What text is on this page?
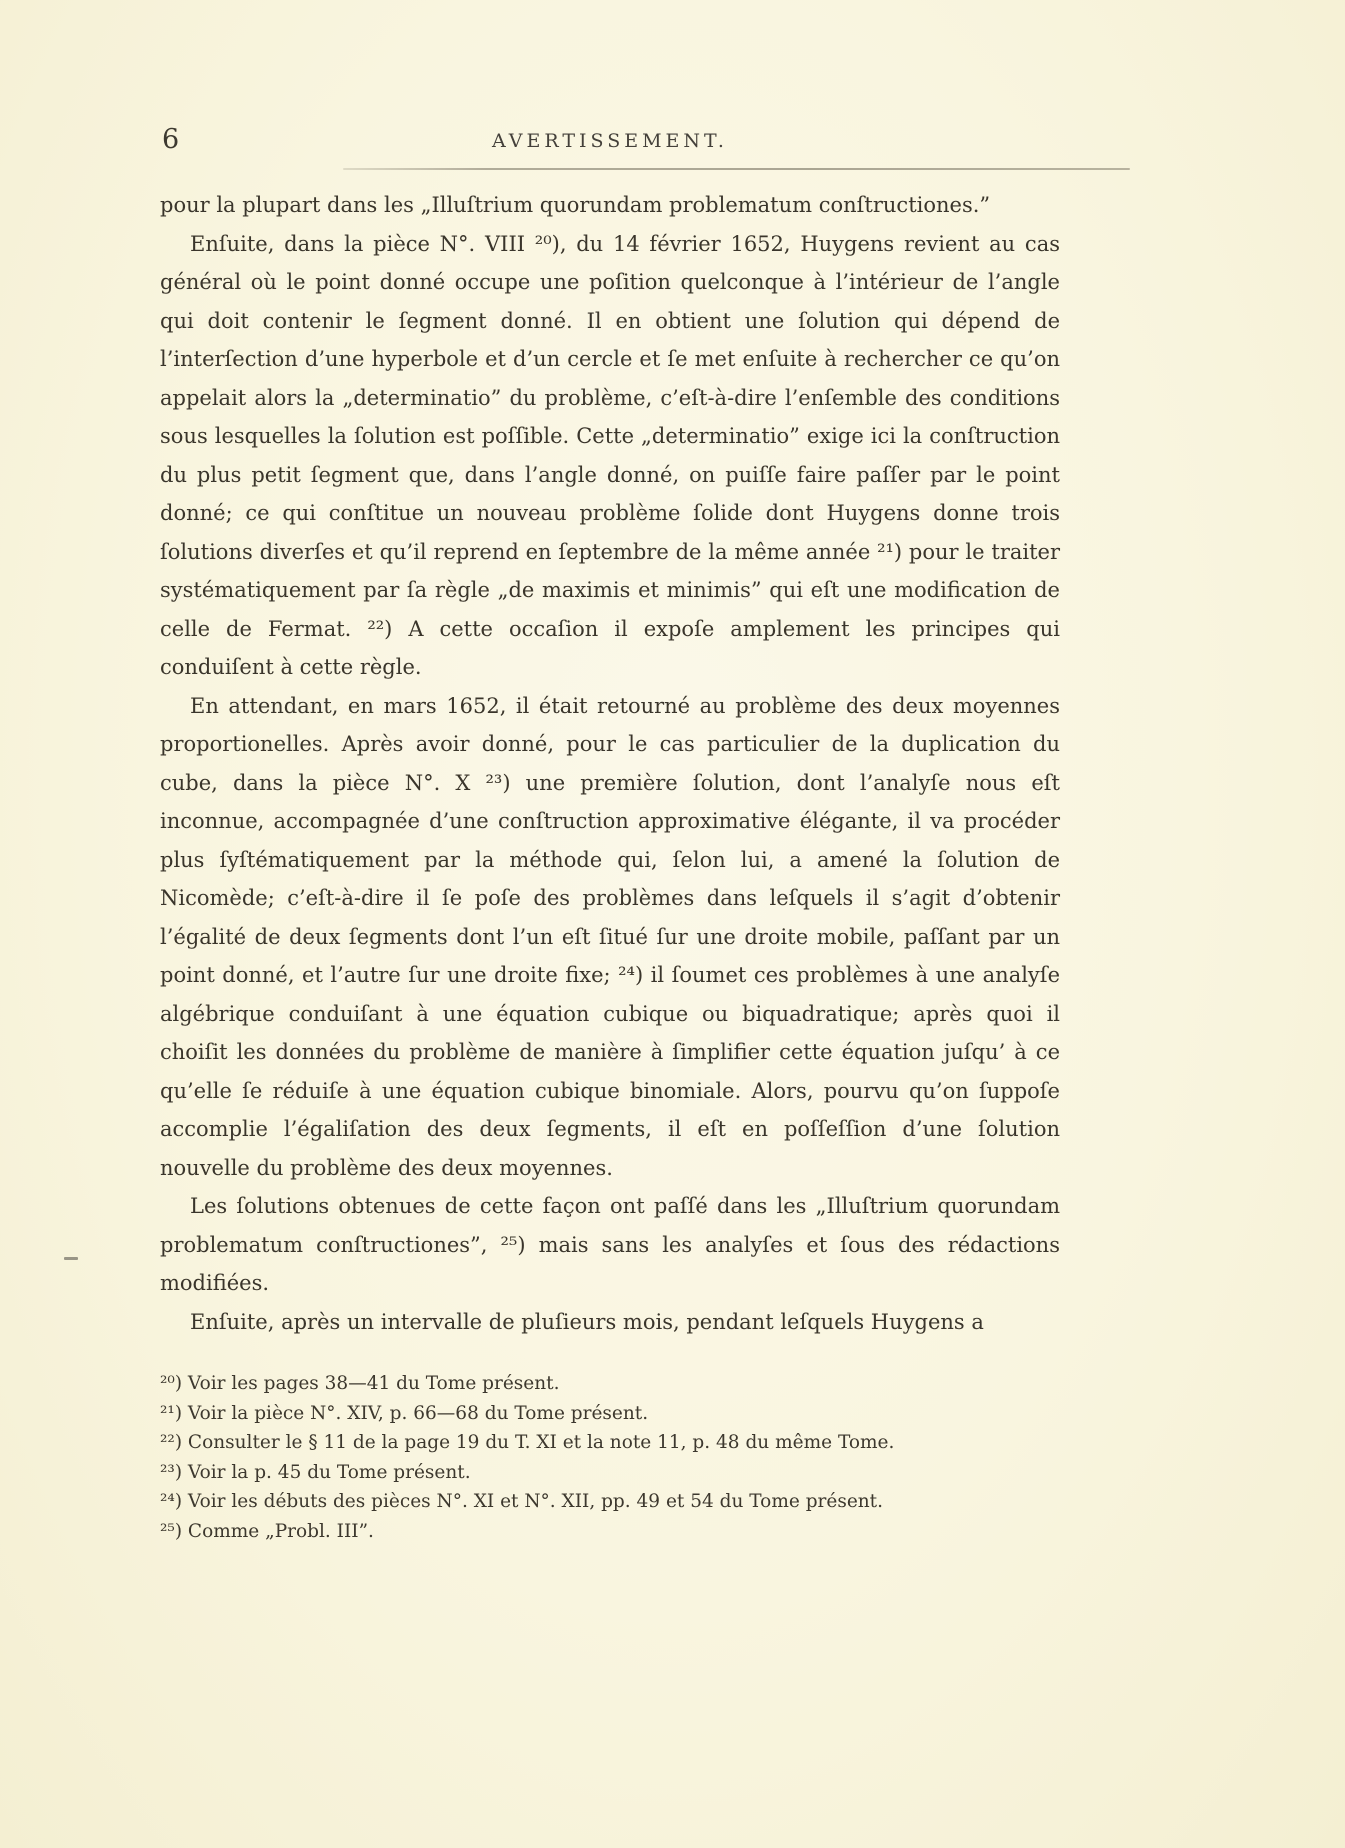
6	AVERTISSEMENT.

pour la plupart dans les „Illuſtrium quorundam problematum conſtructiones.”

Enſuite, dans la pièce N°. VIII ²⁰), du 14 février 1652, Huygens revient au cas général où le point donné occupe une poſition quelconque à l’intérieur de l’angle qui doit contenir le ſegment donné. Il en obtient une ſolution qui dépend de l’interſection d’une hyperbole et d’un cercle et ſe met enſuite à rechercher ce qu’on appelait alors la „determinatio” du problème, c’eſt-à-dire l’enſemble des conditions sous lesquelles la ſolution est poſſible. Cette „determinatio” exige ici la conſtruction du plus petit ſegment que, dans l’angle donné, on puiſſe faire paſſer par le point donné; ce qui conſtitue un nouveau problème ſolide dont Huygens donne trois ſolutions diverſes et qu’il reprend en ſeptembre de la même année ²¹) pour le traiter systématiquement par ſa règle „de maximis et minimis” qui eſt une modification de celle de Fermat. ²²) A cette occaſion il expoſe amplement les principes qui conduiſent à cette règle.

En attendant, en mars 1652, il était retourné au problème des deux moyennes proportionelles. Après avoir donné, pour le cas particulier de la duplication du cube, dans la pièce N°. X ²³) une première ſolution, dont l’analyſe nous eſt inconnue, accompagnée d’une conſtruction approximative élégante, il va procéder plus ſyſtématiquement par la méthode qui, ſelon lui, a amené la ſolution de Nicomède; c’eſt-à-dire il ſe poſe des problèmes dans leſquels il s’agit d’obtenir l’égalité de deux ſegments dont l’un eſt ſitué ſur une droite mobile, paſſant par un point donné, et l’autre ſur une droite fixe; ²⁴) il ſoumet ces problèmes à une analyſe algébrique conduiſant à une équation cubique ou biquadratique; après quoi il choiſit les données du problème de manière à ſimplifier cette équation juſqu’ à ce qu’elle ſe réduiſe à une équation cubique binomiale. Alors, pourvu qu’on ſuppoſe accomplie l’égaliſation des deux ſegments, il eſt en poſſeſſion d’une ſolution nouvelle du problème des deux moyennes.

Les ſolutions obtenues de cette façon ont paſſé dans les „Illuſtrium quorundam problematum conſtructiones”, ²⁵) mais sans les analyſes et ſous des rédactions modifiées.

Enſuite, après un intervalle de pluſieurs mois, pendant leſquels Huygens a

²⁰) Voir les pages 38—41 du Tome présent.
²¹) Voir la pièce N°. XIV, p. 66—68 du Tome présent.
²²) Consulter le § 11 de la page 19 du T. XI et la note 11, p. 48 du même Tome.
²³) Voir la p. 45 du Tome présent.
²⁴) Voir les débuts des pièces N°. XI et N°. XII, pp. 49 et 54 du Tome présent.
²⁵) Comme „Probl. III”.
